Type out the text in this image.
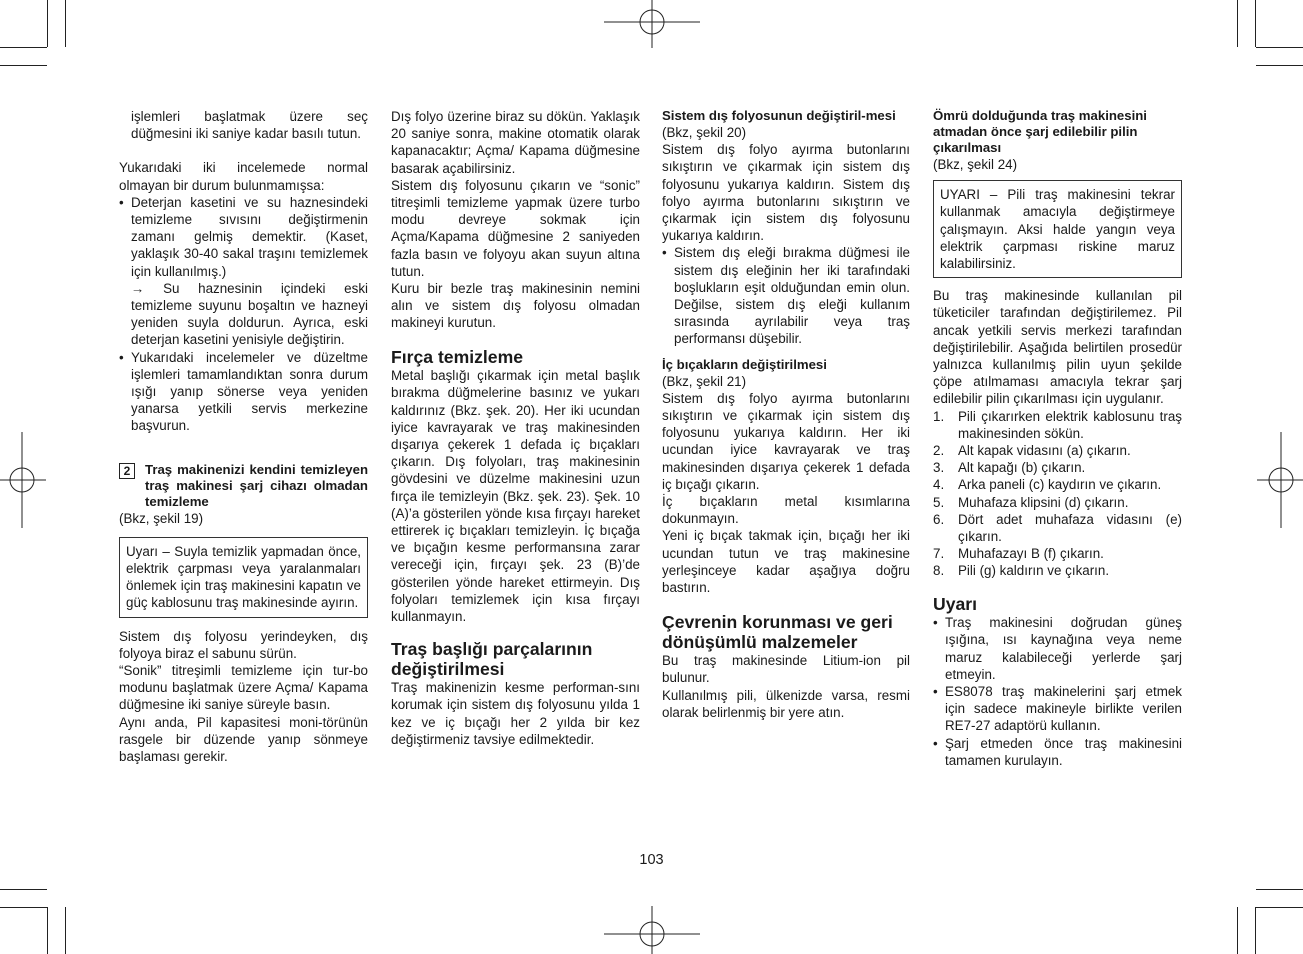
işlemleri başlatmak üzere seç düğmesini iki saniye kadar basılı tutun.

Yukarıdaki iki incelemede normal olmayan bir durum bulunmamışsa:

• Deterjan kasetini ve su haznesindeki temizleme sıvısını değiştirmenin zamanı gelmiş demektir. (Kaset, yaklaşık 30-40 sakal traşını temizlemek için kullanılmış.)
→ Su haznesinin içindeki eski temizleme suyunu boşaltın ve hazneyi yeniden suyla doldurun. Ayrıca, eski deterjan kasetini yenisiyle değiştirin.
• Yukarıdaki incelemeler ve düzeltme işlemleri tamamlandıktan sonra durum ışığı yanıp sönerse veya yeniden yanarsa yetkili servis merkezine başvurun.
2	Traş makinenizi kendini temizleyen traş makinesi şarj cihazı olmadan temizleme

(Bkz, şekil 19)

Uyarı – Suyla temizlik yapmadan önce, elektrik çarpması veya yaralanmaları önlemek için traş makinesini kapatın ve güç kablosunu traş makinesinde ayırın.

Sistem dış folyosu yerindeyken, dış folyoya biraz el sabunu sürün.

“Sonik” titreşimli temizleme için tur-bo modunu başlatmak üzere Açma/ Kapama düğmesine iki saniye süreyle basın.

Aynı anda, Pil kapasitesi moni-törünün rasgele bir düzende yanıp sönmeye başlaması gerekir.

Dış folyo üzerine biraz su dökün. Yaklaşık 20 saniye sonra, makine otomatik olarak kapanacaktır; Açma/ Kapama düğmesine basarak açabilirsiniz.

Sistem dış folyosunu çıkarın ve “sonic” titreşimli temizleme yapmak üzere turbo modu devreye sokmak için Açma/Kapama düğmesine 2 saniyeden fazla basın ve folyoyu akan suyun altına tutun.

Kuru bir bezle traş makinesinin nemini alın ve sistem dış folyosu olmadan makineyi kurutun.

Fırça temizleme

Metal başlığı çıkarmak için metal başlık bırakma düğmelerine basınız ve yukarı kaldırınız (Bkz. şek. 20). Her iki ucundan iyice kavrayarak ve traş makinesinden dışarıya çekerek 1 defada iç bıçakları çıkarın. Dış folyoları, traş makinesinin gövdesini ve düzelme makinesini uzun fırça ile temizleyin (Bkz. şek. 23). Şek. 10 (A)’a gösterilen yönde kısa fırçayı hareket ettirerek iç bıçakları temizleyin. İç bıçağa ve bıçağın kesme performansına zarar vereceği için, fırçayı şek. 23 (B)’de gösterilen yönde hareket ettirmeyin. Dış folyoları temizlemek için kısa fırçayı kullanmayın.

Traş başlığı parçalarının değiştirilmesi

Traş makinenizin kesme performan-sını korumak için sistem dış folyosunu yılda 1 kez ve iç bıçağı her 2 yılda bir kez değiştirmeniz tavsiye edilmektedir.

Sistem dış folyosunun değiştiril-mesi

(Bkz, şekil 20)

Sistem dış folyo ayırma butonlarını sıkıştırın ve çıkarmak için sistem dış folyosunu yukarıya kaldırın. Sistem dış folyo ayırma butonlarını sıkıştırın ve çıkarmak için sistem dış folyosunu yukarıya kaldırın.

• Sistem dış eleği bırakma düğmesi ile sistem dış eleğinin her iki tarafındaki boşlukların eşit olduğundan emin olun. Değilse, sistem dış eleği kullanım sırasında ayrılabilir veya traş performansı düşebilir.

İç bıçakların değiştirilmesi

(Bkz, şekil 21)

Sistem dış folyo ayırma butonlarını sıkıştırın ve çıkarmak için sistem dış folyosunu yukarıya kaldırın. Her iki ucundan iyice kavrayarak ve traş makinesinden dışarıya çekerek 1 defada iç bıçağı çıkarın.

İç bıçakların metal kısımlarına dokunmayın.

Yeni iç bıçak takmak için, bıçağı her iki ucundan tutun ve traş makinesine yerleşinceye kadar aşağıya doğru bastırın.

Çevrenin korunması ve geri dönüşümlü malzemeler

Bu traş makinesinde Litium-ion pil bulunur.

Kullanılmış pili, ülkenizde varsa, resmi olarak belirlenmiş bir yere atın.

Ömrü dolduğunda traş makinesini atmadan önce şarj edilebilir pilin çıkarılması

(Bkz, şekil 24)

UYARI – Pili traş makinesini tekrar kullanmak amacıyla değiştirmeye çalışmayın. Aksi halde yangın veya elektrik çarpması riskine maruz kalabilirsiniz.

Bu traş makinesinde kullanılan pil tüketiciler tarafından değiştirilemez. Pil ancak yetkili servis merkezi tarafından değiştirilebilir. Aşağıda belirtilen prosedür yalnızca kullanılmış pilin uyun şekilde çöpe atılmaması amacıyla tekrar şarj edilebilir pilin çıkarılması için uygulanır.

1. Pili çıkarırken elektrik kablosunu traş makinesinden sökün.
2. Alt kapak vidasını (a) çıkarın.
3. Alt kapağı (b) çıkarın.
4. Arka paneli (c) kaydırın ve çıkarın.
5. Muhafaza klipsini (d) çıkarın.
6. Dört adet muhafaza vidasını (e) çıkarın.
7. Muhafazayı B (f) çıkarın.
8. Pili (g) kaldırın ve çıkarın.

Uyarı

• Traş makinesini doğrudan güneş ışığına, ısı kaynağına veya neme maruz kalabileceği yerlerde şarj etmeyin.
• ES8078 traş makinelerini şarj etmek için sadece makineyle birlikte verilen RE7-27 adaptörü kullanın.
• Şarj etmeden önce traş makinesini tamamen kurulayın.
103
